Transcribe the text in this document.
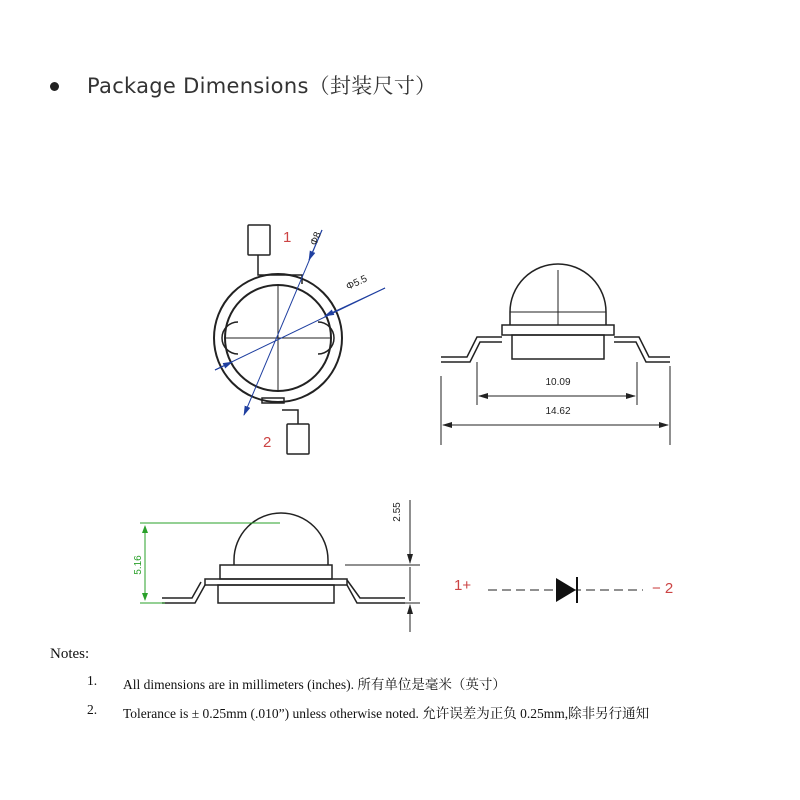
Package Dimensions（封装尺寸）
Φ8
Φ5.5
1
2
10.09
14.62
5.16
2.55
1+	− 2
Notes:
1.	All dimensions are in millimeters (inches). 所有单位是毫米（英寸）
2.	Tolerance is ± 0.25mm (.010”) unless otherwise noted. 允许误差为正负 0.25mm,除非另行通知
